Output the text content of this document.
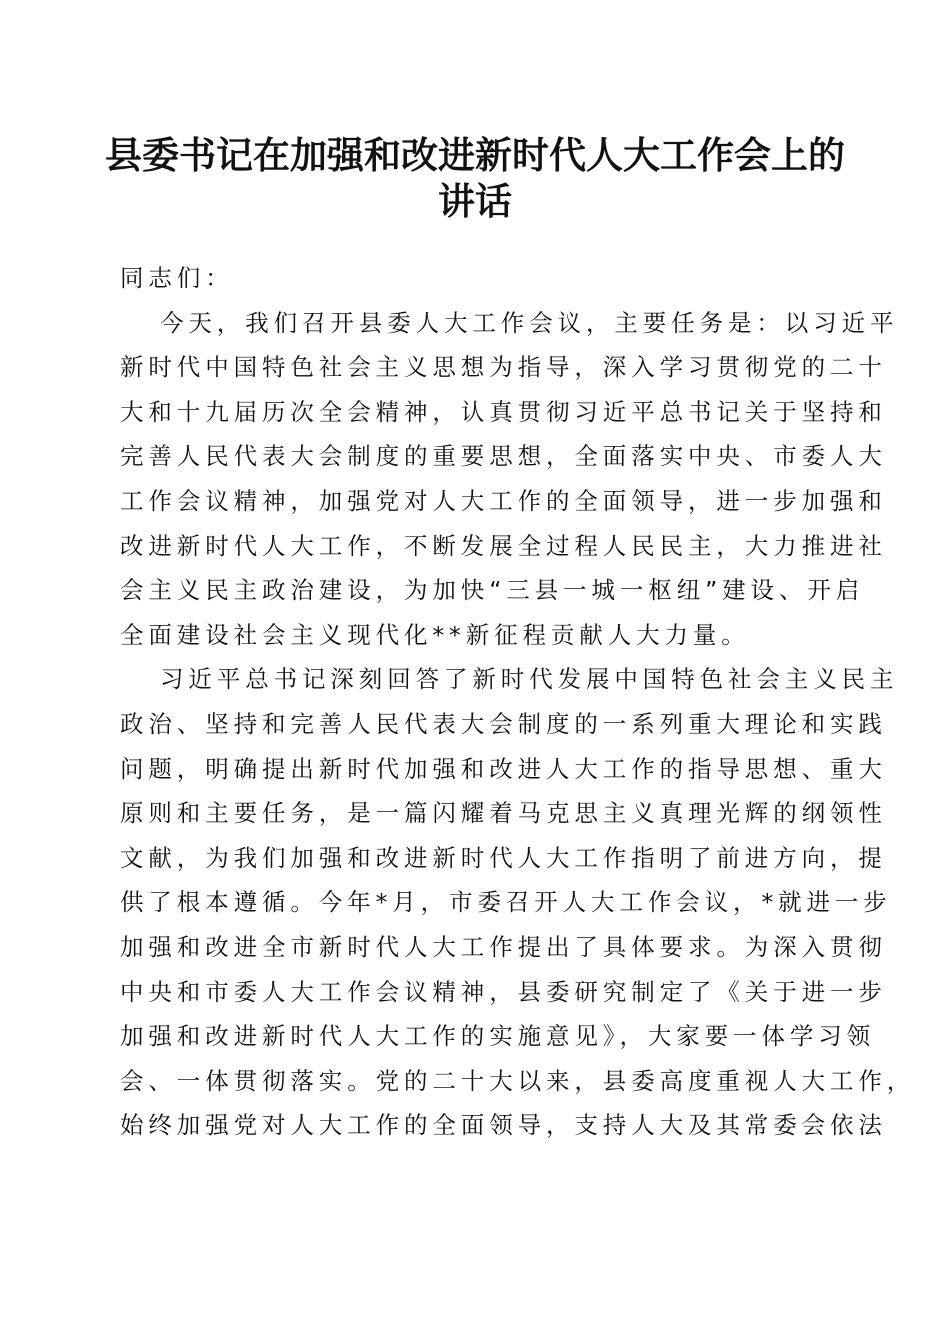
县委书记在加强和改进新时代人大工作会上的
讲话
同志们：
今天，我们召开县委人大工作会议，主要任务是：以习近平
新时代中国特色社会主义思想为指导，深入学习贯彻党的二十
大和十九届历次全会精神，认真贯彻习近平总书记关于坚持和
完善人民代表大会制度的重要思想，全面落实中央、市委人大
工作会议精神，加强党对人大工作的全面领导，进一步加强和
改进新时代人大工作，不断发展全过程人民民主，大力推进社
会主义民主政治建设，为加快“三县一城一枢纽”建设、开启
全面建设社会主义现代化**新征程贡献人大力量。
习近平总书记深刻回答了新时代发展中国特色社会主义民主
政治、坚持和完善人民代表大会制度的一系列重大理论和实践
问题，明确提出新时代加强和改进人大工作的指导思想、重大
原则和主要任务，是一篇闪耀着马克思主义真理光辉的纲领性
文献，为我们加强和改进新时代人大工作指明了前进方向，提
供了根本遵循。今年*月，市委召开人大工作会议，*就进一步
加强和改进全市新时代人大工作提出了具体要求。为深入贯彻
中央和市委人大工作会议精神，县委研究制定了《关于进一步
加强和改进新时代人大工作的实施意见》，大家要一体学习领
会、一体贯彻落实。党的二十大以来，县委高度重视人大工作，
始终加强党对人大工作的全面领导，支持人大及其常委会依法
